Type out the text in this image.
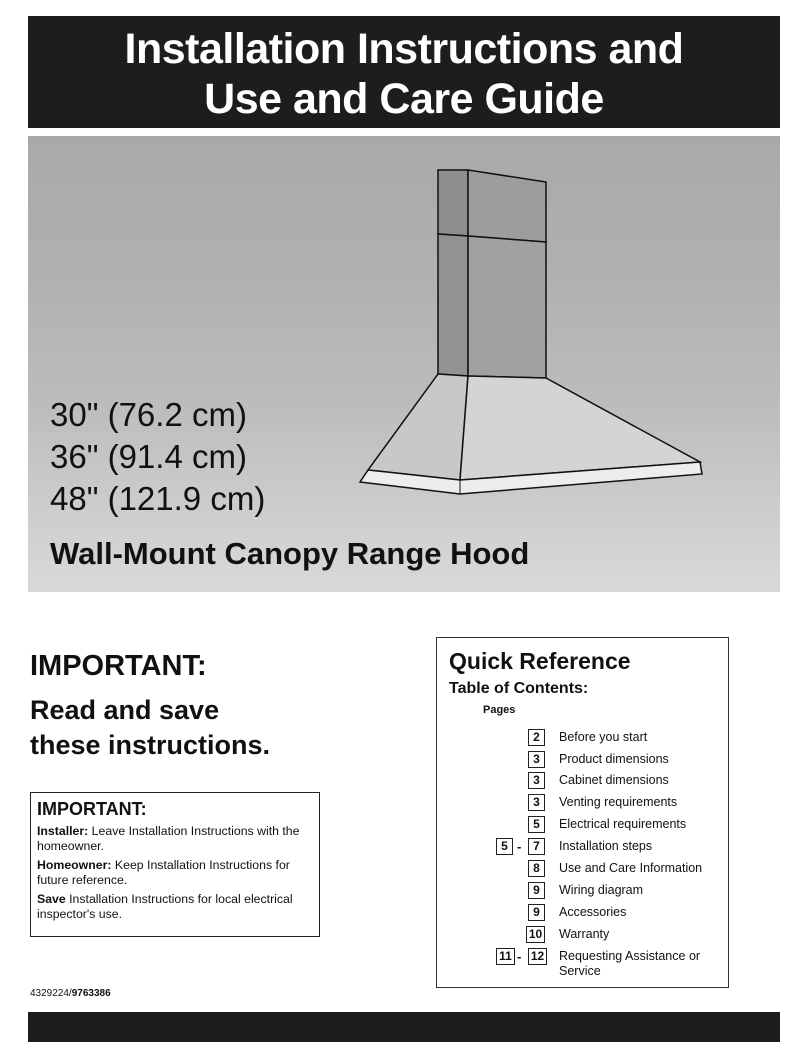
Installation Instructions and
Use and Care Guide
30" (76.2 cm)
36" (91.4 cm)
48" (121.9 cm)
Wall-Mount Canopy Range Hood
IMPORTANT:
Read and save
these instructions.
IMPORTANT:

Installer: Leave Installation Instructions with the homeowner.

Homeowner: Keep Installation Instructions for future reference.

Save Installation Instructions for local electrical inspector's use.

4329224/9763386
Quick Reference
Table of Contents:
Pages
2	Before you start
3	Product dimensions
3	Cabinet dimensions
3	Venting requirements
5	Electrical requirements
5 - 7	Installation steps
8	Use and Care Information
9	Wiring diagram
9	Accessories
10 Warranty
11 - 12 Requesting Assistance or Service
